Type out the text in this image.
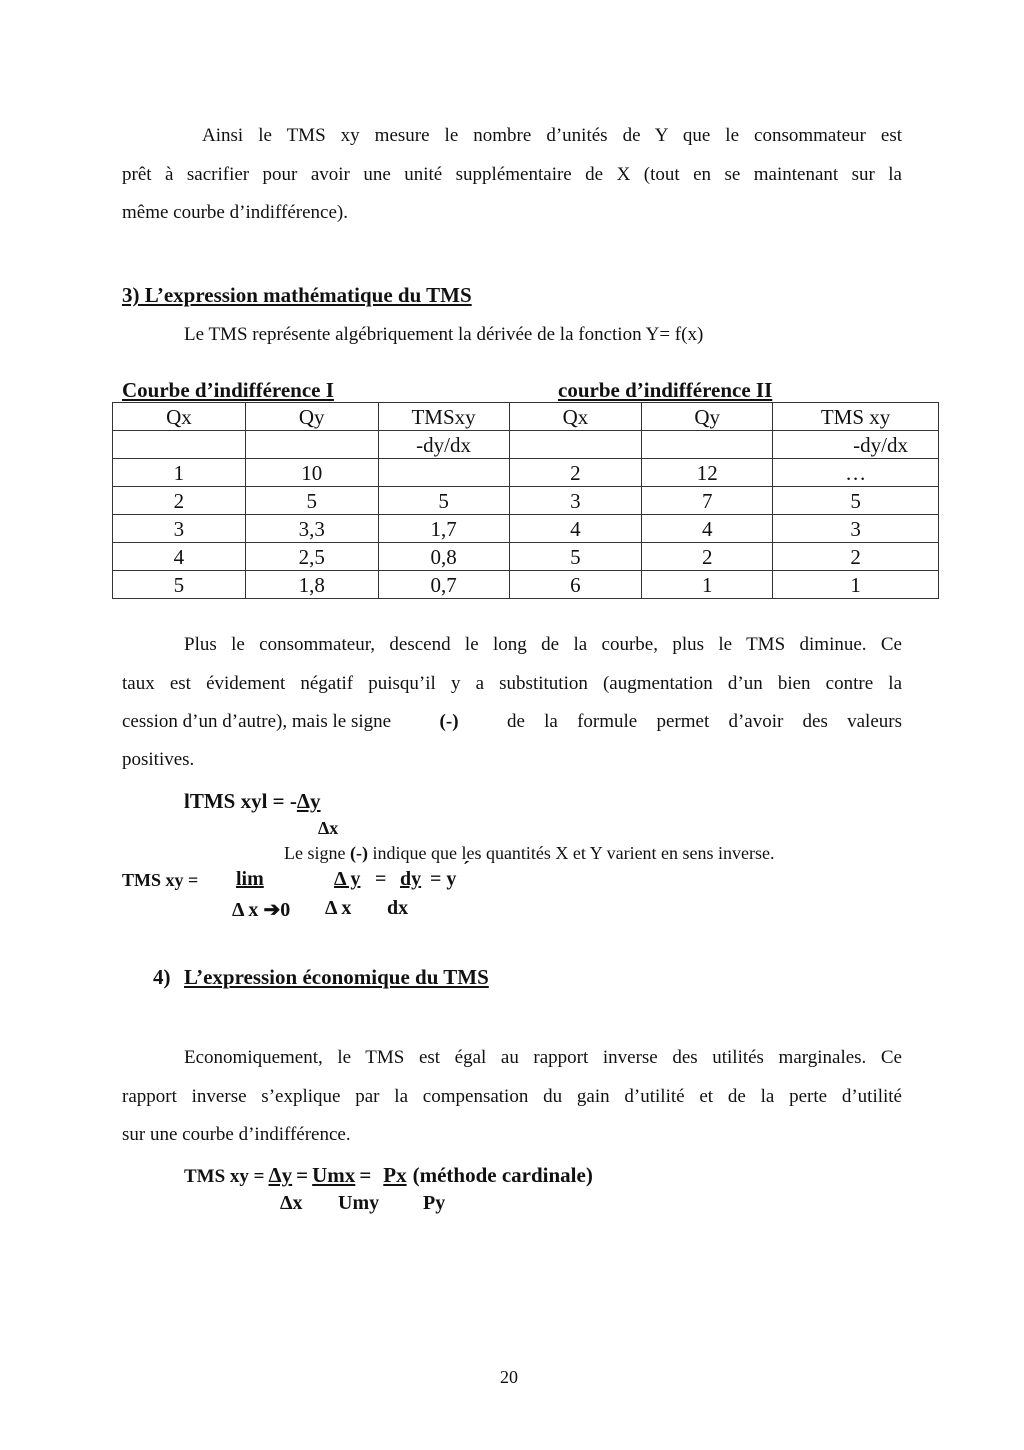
Ainsi le TMS xy mesure le nombre d’unités de Y que le consommateur est
prêt à sacrifier pour avoir une unité supplémentaire de X (tout en se maintenant sur la
même courbe d’indifférence).
3) L’expression mathématique du TMS
Le TMS représente algébriquement la dérivée de la fonction Y= f(x)
Courbe d’indifférence I	courbe d’indifférence II
Qx	Qy	TMSxy	Qx	Qy	TMS xy
		-dy/dx			-dy/dx
1	10		2	12	…
2	5	5	3	7	5
3	3,3	1,7	4	4	3
4	2,5	0,8	5	2	2
5	1,8	0,7	6	1	1
Plus le consommateur, descend le long de la courbe, plus le TMS diminue. Ce
taux est évidement négatif puisqu’il y a substitution (augmentation d’un bien contre la
cession d’un d’autre), mais le signe	(-)	de la formule permet d’avoir des valeurs
positives.
lTMS xyl = -Δy
Δx
Le signe (-) indique que les quantités X et Y varient en sens inverse.
TMS xy = lim	Δ y = dy = y ´
Δ x ➔0 Δ x dx
4) L’expression économique du TMS
Economiquement, le TMS est égal au rapport inverse des utilités marginales. Ce
rapport inverse s’explique par la compensation du gain d’utilité et de la perte d’utilité
sur une courbe d’indifférence.
TMS xy = Δy = Umx = Px (méthode cardinale)
Δx Umy Py
20
